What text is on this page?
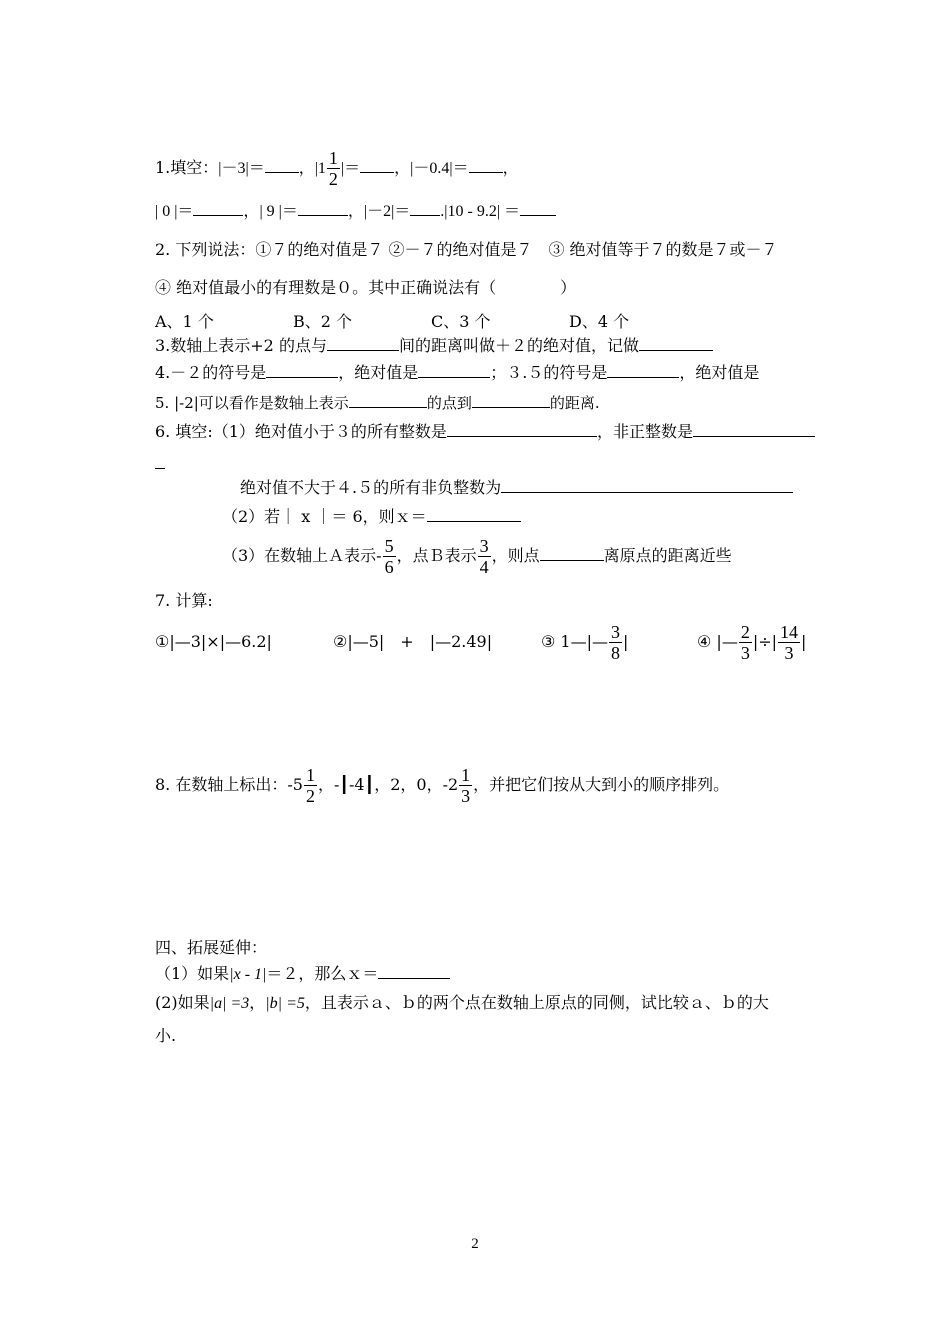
1.填空：|－3|＝ ，$|1 \frac{1}{2}$ |＝ ，|－0.4|＝ ，
| 0 |＝	，| 9 |＝	，|－2|＝ .|10 - 9.2| ＝
2. 下列说法：①７的绝对值是７ ②－７的绝对值是７　③ 绝对值等于７的数是７或－７
④ 绝对值最小的有理数是０。其中正确说法有（　　　　）
A、1 个	B、2 个	C、3 个	D、4 个
3.数轴上表示+2 的点与	间的距离叫做＋２的绝对值，记做
4.－２的符号是	，绝对值是	；３.５的符号是	，绝对值是
5. |-2|可以看作是数轴上表示	的点到	的距离.
6. 填空:（1）绝对值小于３的所有整数是	，非正整数是
绝对值不大于４.５的所有非负整数为
（2）若｜ x ｜＝ 6，则ｘ＝
（3）在数轴上Ａ表示- $\frac{5}{6}$ ，点Ｂ表示 $\frac{3}{4}$ ，则点	离原点的距离近些
7. 计算:
①|—3|×|—6.2|	②|—5|　+　|—2.49|	③ 1—|— $\frac{3}{8}$ |	④ |— $\frac{2}{3}$ |÷| $\frac{14}{3}$ |
8. 在数轴上标出：$-5 \frac{1}{2}$ ，-┃-4┃，2，0，$-2 \frac{1}{3}$ ，并把它们按从大到小的顺序排列。
四、拓展延伸：
（1）如果|x - 1|＝２，那么ｘ＝
(2)如果|a| =3，|b| =5，且表示ａ、ｂ的两个点在数轴上原点的同侧，试比较ａ、ｂ的大
小.
2
